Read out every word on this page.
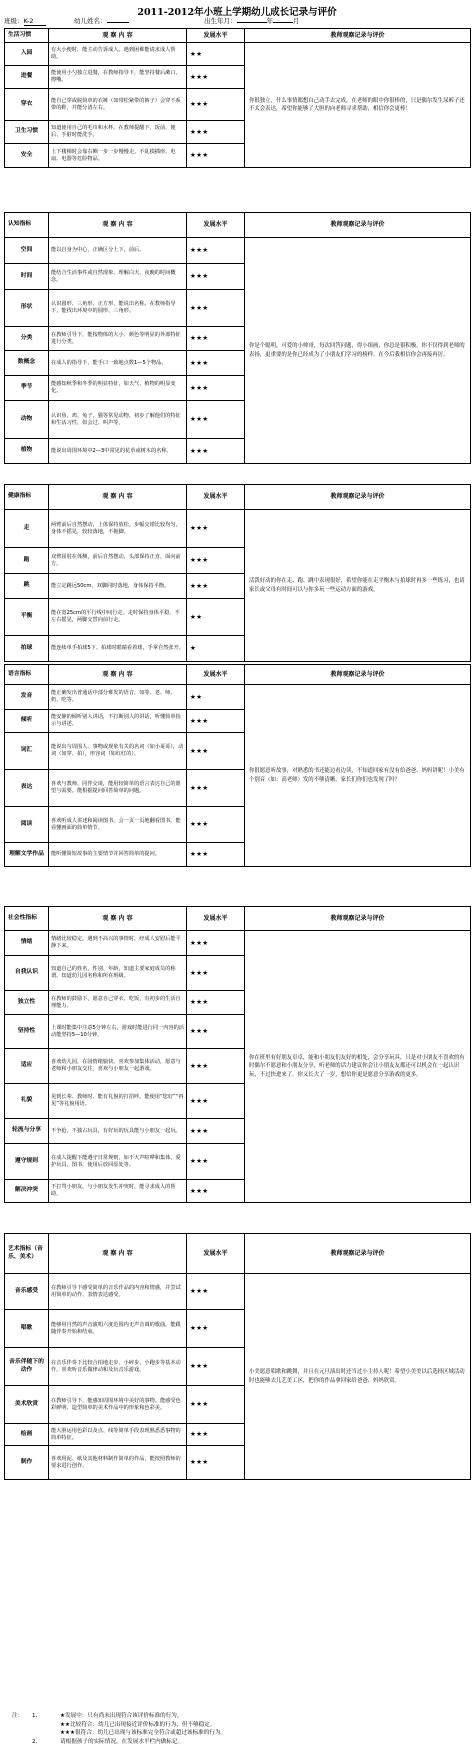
2011-2012年小班上学期幼儿成长记录与评价
班级：K-2	幼儿姓名：	出生年月：	年	月
生活习惯	观 察 内 容	发展水平	教师观察记录与评价
入园	有大小便时，能主动告诉成人。遇到困难能请求成人帮助。	★★	你很独立，什么事情都想自己动手去完成，在老师的眼中你很棒的，只是偶尔发生尿裤子还不太会表达，希望你能够了大胆的向老师寻求帮助，相信你会更棒！
进餐	能使用小勺独立进餐，在教师指导下，能坚持餐后漱口，擦嘴。	★★★	
穿衣	能自己穿或脱简单的衣裤（如带松紧带的裤子）会穿不系带的鞋，并能分清左右。	★★★	
卫生习惯	知道使用自己的毛巾和水杯。在教师提醒下，饭前、便后、手脏时能洗手。	★★★	
安全	上下楼梯时会靠右侧一步一步慢慢走。不乱摸插座、电扇、电器等危险物品。	★★★	
认知指标	观 察 内 容	发展水平	教师观察记录与评价
空间	能以自身为中心，正确区分上下，前后。	★★★	你是个聪明，可爱的小帅哥，每次回答问题，得小组画，你总是很积极，你不仅得到老师的表扬，更重要的是你已经成为了小朋友们学习的榜样。在今后我相信你会再接再厉。
时间	能结合生活事件或自然现象，理解白天、夜晚的时间概念。	★★★	
形状	认识圆形、三角形、正方形，能说出名称。在教师指导下，能找出环境中的圆形、三角形。	★★★	
分类	在教师引导下，能按物体的大小、颜色等明显的外部特征进行分类。	★★★	
数概念	在成人的指导下，能手口一致地点数1—5个物品。	★★★	
季节	能感知秋季和冬季的明显特征，如天气、植物的明显变化。	★★★	
动物	认识鱼、鸡、兔子、猫等常见动物，初步了解他们的特征和生活习性，如会过、叫声等。	★★★	
植物	能说出周围环境中2—3中常见的花草或树木的名称。	★★★	
健康指标	观 察 内 容	发展水平	教师观察记录与评价
走	两臂前后自然摆动，上体保持放松。步幅交错比较均匀，身体不摇晃，较较落地，不拖脚。	★★★	活泼好动的你在走、跑、跳中表现很好，希望你能在走平衡木与拍球时再多一些练习，也请家长或父母有时间可以与你多玩一些运动方面的游戏。
跑	双臂屈肘在体侧，前后自然摆动，头部保持正直，面向前方。	★★★	
跳	能立定跳远50cm，双脚同时落地，身体保持平衡。	★★★	
平衡	能在宽25cm的平行线中间行走。走时保持身体平稳，不左右摇晃，两脚交替向前行走。	★★	
拍球	能连续单手拍球5下。拍球时眼睛看着球，手掌自然张开。	★	
语言指标	观 察 内 容	发展水平	教师观察记录与评价
发音	能正确发出普通话中部分难发的语音，如等、老、师、奶、吃等。	★★	你很愿意听故事，对熟悉的书还能边看边读，不知道回家有没有给爸爸、妈妈讲呢！小美有个别音（如：高老师）发的不够清晰，家长们你们也发现了吗？
倾听	能安静的倾听别人讲话，不打断别人的讲话，听懂简单指示与讲述。	★★★	
词汇	能说出与周围人、事物或现象有关的名词（如小哥哥），动词（如穿、拍），形容词（如红红的）。	★★★	
表达	喜欢与教师、同伴交谈，能用较简单的语言表达自己的愿望与需要。能根据提问回答简单的问题。	★★★	
阅读	喜欢听成人讲述和阅读图书。会一页一页地翻看图书。能看懂画面的简单情节。	★★★	
理解文学作品	能听懂简短故事的主要情节并回答简单的提问。	★★★	
社会性指标	观 察 内 容	发展水平	教师观察记录与评价
情绪	情绪比较稳定，遇到不高兴的事情时，经成人安慰后能平静下来。	★★★	你在班里有好朋友卓卓，能和小朋友们友好的相处，会分享玩具，只是对小朋友不喜欢的有时偶尔不愿意和小朋友分享，听老师的话力建议你会让小朋友友都还可以机会在一起认识玩，不过快进来了。你又长大了一岁，想信你更是愿意分享游戏的更多。
自我认识	知道自己的姓名、性别、年龄，知道主要家庭成员的称谓。知道幼儿园名称和所在班级。	★★★	
独立性	在教师的鼓励下，愿意自己穿衣、吃饭，有初步的生活自理能力。	★★★	
坚持性	上课时能集中注意5分钟左右，游戏时能进行同一内容的活动能坚持5—10分钟。	★★★	
适应	喜欢幼儿园，在园情绪愉快。喜欢参加集体活动，愿意与老师和小朋友交往。喜欢与小朋友一起游戏。	★★★	
礼貌	见到长辈、教师时，能有礼貌的打招呼。能使用“您好”“再见”等礼貌用语。	★★★	
轮流与分享	不争抢，不独占玩具，有好玩的玩具能与小朋友一起玩。	★★★	
遵守规则	在成人提醒下能遵守日常规则，如不大声喧哗和集体，爱护玩具，图书，使用后放回原处等。	★★★	
解决冲突	不打骂小朋友，与小朋友发生冲突时，能寻求成人的帮助。	★★★	
艺术指标（音乐、美术）	观 察 内 容	发展水平	教师观察记录与评价
音乐感受	在教师引导下感受简单的音乐作品的内容和情感，并尝试用简单的动作、表情表达感受。	★★★	小美愿意唱歌和跳舞，并且在元旦演出时还当过小主持人呢！希望小美美以后选择区域活动时也能够去儿艺美工区，把你的作品拿回家给爸爸、妈妈欣赏。
唱歌	能够用自然的声音演唱六度范围内无声音调的歌曲，能跟随伴奏开始和结束。	★★★	
音乐伴随下的动作	在音乐伴奏下比较合拍地走步、小碎步、小跑步等基本动作。喜欢听音乐做律动和及玩音乐游戏。	★★★	
美术欣赏	在教师引导下，能感知周围环境中美好的事物。能感受色彩鲜明、造型简单的美术作品中的形象和色彩美。	★★★	
绘画	能大胆运用色彩以及点、线等简单手段表现熟悉悉事物的简单特征。	★★★	
制作	喜欢用泥、纸及其他材料制作简单的作品，能按照教师的要求进行创作。	★★★	
注： 1、	★发展中：只有尚未出现符合该评价标准的行为。
★★比较符合：幼儿已出现接近评价标准的行为，但不够稳定。
★★★很符合：幼儿已出现与该标准完全符合或超过该标准的行为。
2、	请根据孩子的实际情况，在发展水平栏内做标记。
